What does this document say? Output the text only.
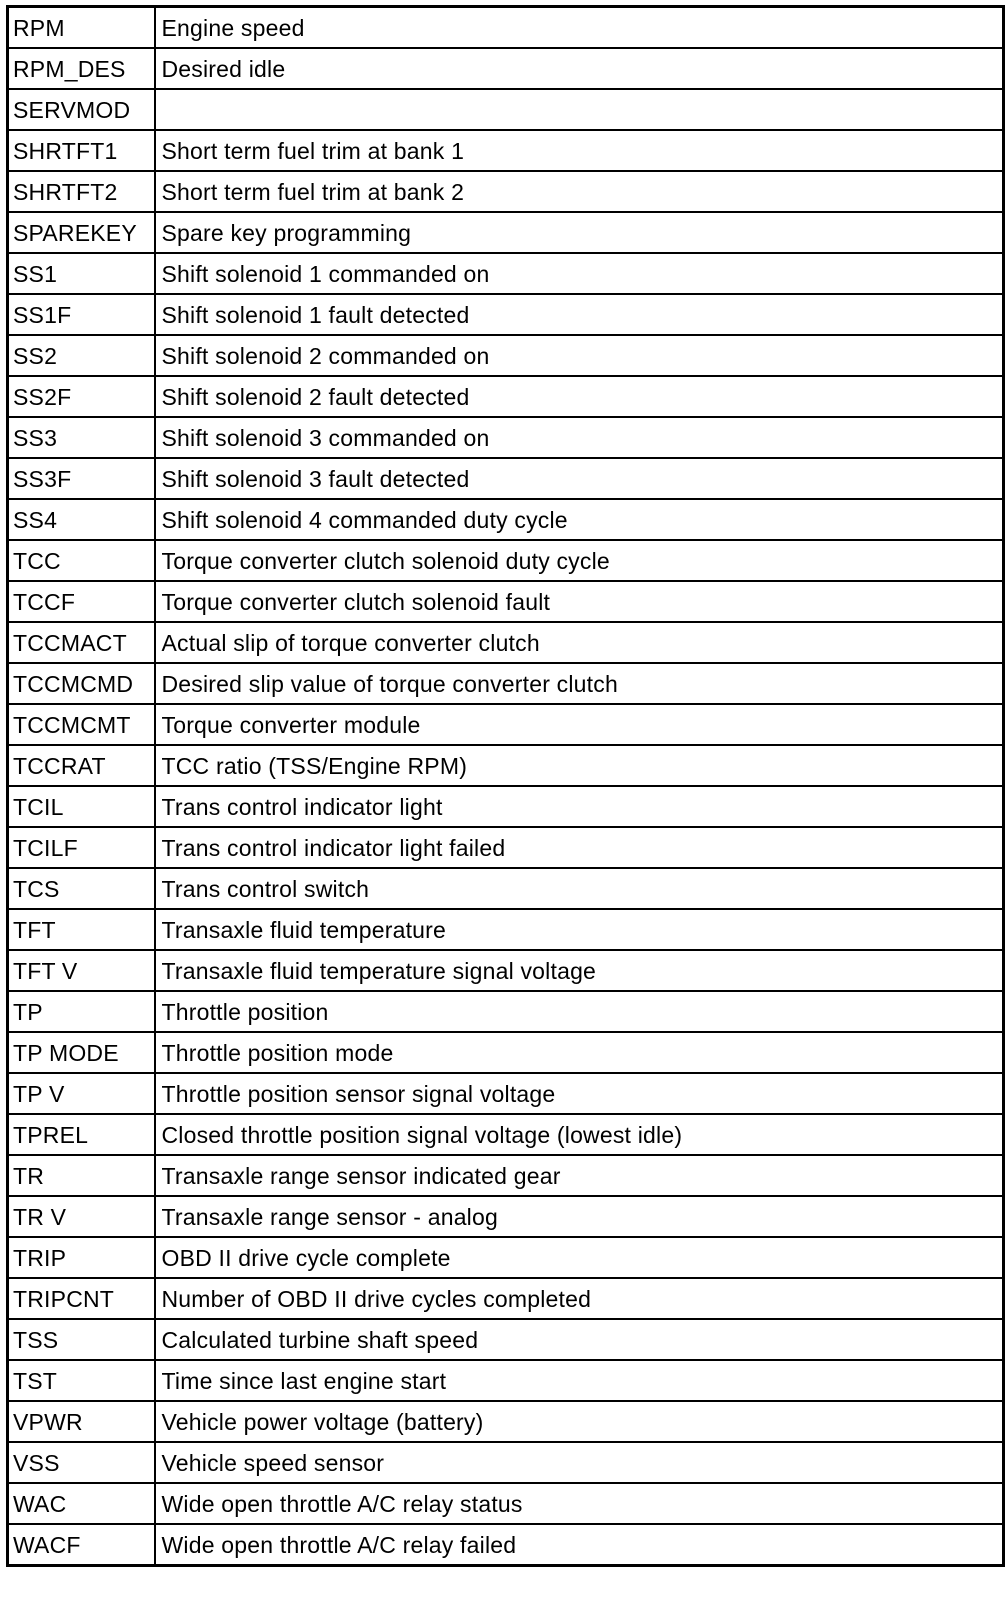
RPM	Engine speed
RPM_DES	Desired idle
SERVMOD	
SHRTFT1	Short term fuel trim at bank 1
SHRTFT2	Short term fuel trim at bank 2
SPAREKEY	Spare key programming
SS1	Shift solenoid 1 commanded on
SS1F	Shift solenoid 1 fault detected
SS2	Shift solenoid 2 commanded on
SS2F	Shift solenoid 2 fault detected
SS3	Shift solenoid 3 commanded on
SS3F	Shift solenoid 3 fault detected
SS4	Shift solenoid 4 commanded duty cycle
TCC	Torque converter clutch solenoid duty cycle
TCCF	Torque converter clutch solenoid fault
TCCMACT	Actual slip of torque converter clutch
TCCMCMD	Desired slip value of torque converter clutch
TCCMCMT	Torque converter module
TCCRAT	TCC ratio (TSS/Engine RPM)
TCIL	Trans control indicator light
TCILF	Trans control indicator light failed
TCS	Trans control switch
TFT	Transaxle fluid temperature
TFT V	Transaxle fluid temperature signal voltage
TP	Throttle position
TP MODE	Throttle position mode
TP V	Throttle position sensor signal voltage
TPREL	Closed throttle position signal voltage (lowest idle)
TR	Transaxle range sensor indicated gear
TR V	Transaxle range sensor - analog
TRIP	OBD II drive cycle complete
TRIPCNT	Number of OBD II drive cycles completed
TSS	Calculated turbine shaft speed
TST	Time since last engine start
VPWR	Vehicle power voltage (battery)
VSS	Vehicle speed sensor
WAC	Wide open throttle A/C relay status
WACF	Wide open throttle A/C relay failed
